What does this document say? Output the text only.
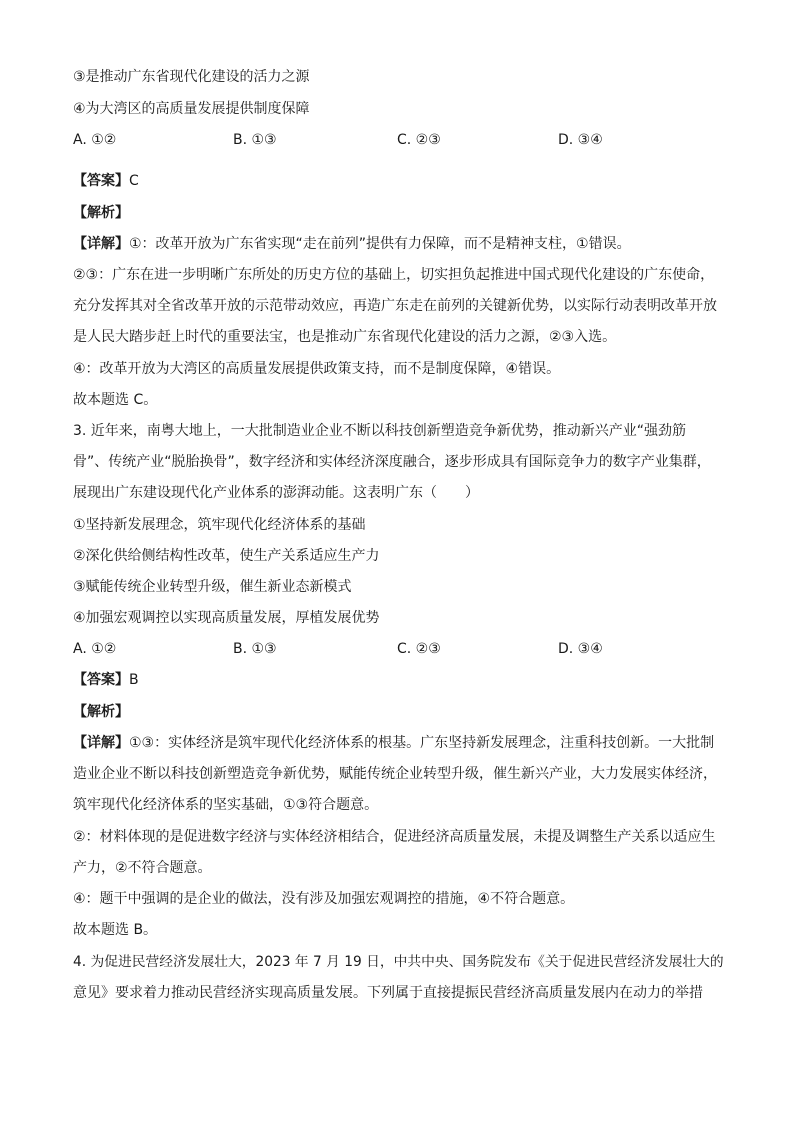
③是推动广东省现代化建设的活力之源
④为大湾区的高质量发展提供制度保障
A. ①②	B. ①③	C. ②③	D. ③④
【答案】C
【解析】
【详解】①：改革开放为广东省实现“走在前列”提供有力保障，而不是精神支柱，①错误。
②③：广东在进一步明晰广东所处的历史方位的基础上，切实担负起推进中国式现代化建设的广东使命，
充分发挥其对全省改革开放的示范带动效应，再造广东走在前列的关键新优势，以实际行动表明改革开放
是人民大踏步赶上时代的重要法宝，也是推动广东省现代化建设的活力之源，②③入选。
④：改革开放为大湾区的高质量发展提供政策支持，而不是制度保障，④错误。
故本题选 C。
3. 近年来，南粤大地上，一大批制造业企业不断以科技创新塑造竞争新优势，推动新兴产业“强劲筋
骨”、传统产业“脱胎换骨”，数字经济和实体经济深度融合，逐步形成具有国际竞争力的数字产业集群，
展现出广东建设现代化产业体系的澎湃动能。这表明广东（　　）
①坚持新发展理念，筑牢现代化经济体系的基础
②深化供给侧结构性改革，使生产关系适应生产力
③赋能传统企业转型升级，催生新业态新模式
④加强宏观调控以实现高质量发展，厚植发展优势
A. ①②	B. ①③	C. ②③	D. ③④
【答案】B
【解析】
【详解】①③：实体经济是筑牢现代化经济体系的根基。广东坚持新发展理念，注重科技创新。一大批制
造业企业不断以科技创新塑造竞争新优势，赋能传统企业转型升级，催生新兴产业，大力发展实体经济，
筑牢现代化经济体系的坚实基础，①③符合题意。
②：材料体现的是促进数字经济与实体经济相结合，促进经济高质量发展，未提及调整生产关系以适应生
产力，②不符合题意。
④：题干中强调的是企业的做法，没有涉及加强宏观调控的措施，④不符合题意。
故本题选 B。
4. 为促进民营经济发展壮大，2023 年 7 月 19 日，中共中央、国务院发布《关于促进民营经济发展壮大的
意见》要求着力推动民营经济实现高质量发展。下列属于直接提振民营经济高质量发展内在动力的举措
